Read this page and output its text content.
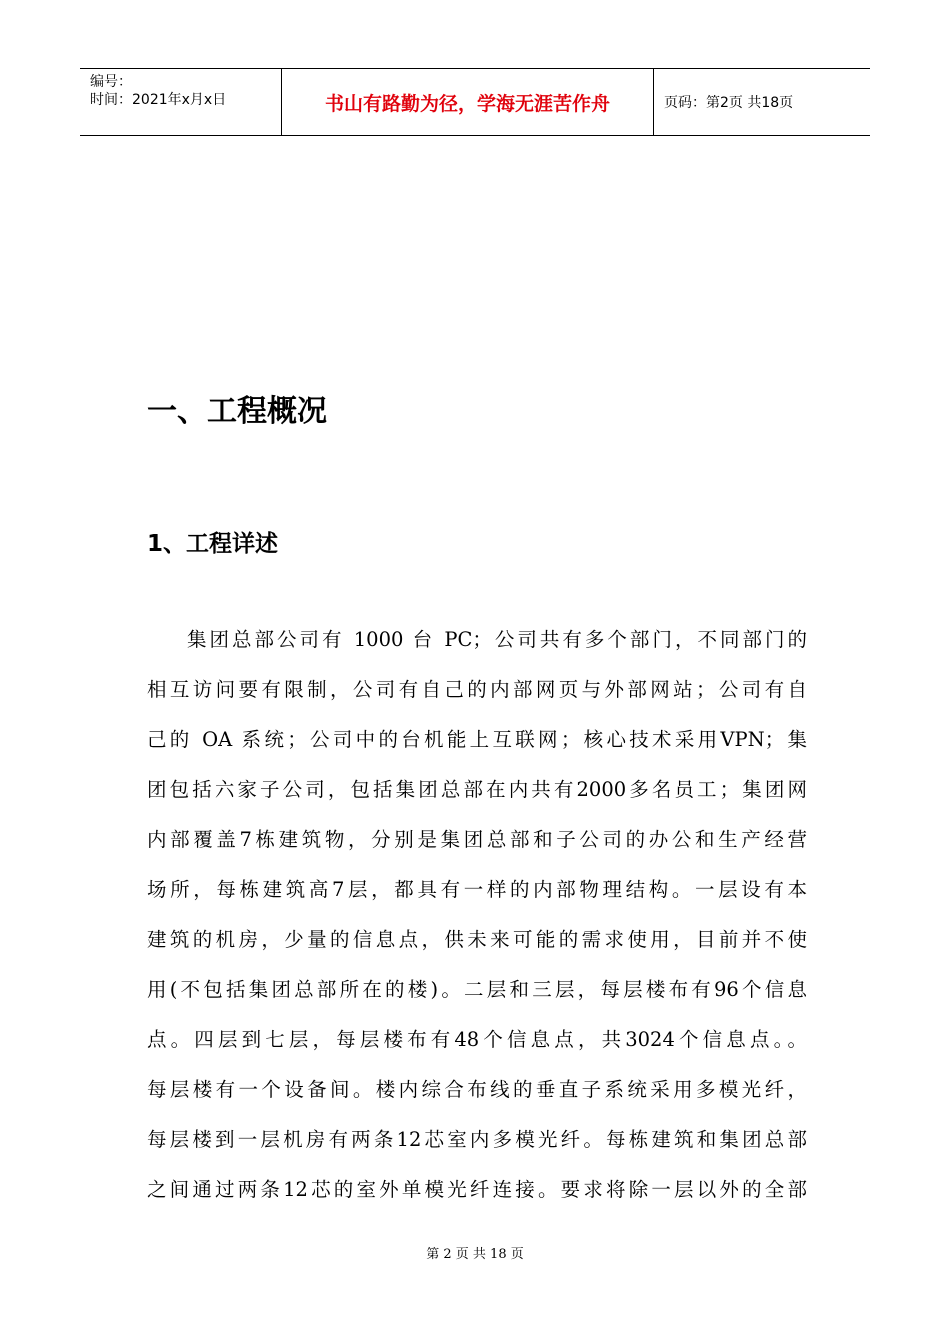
编号：
时间：2021年x月x日	书山有路勤为径，学海无涯苦作舟	页码：第2页 共18页
一、工程概况
1、工程详述
集团总部公司有 1000 台 PC；公司共有多个部门，不同部门的
相互访问要有限制，公司有自己的内部网页与外部网站；公司有自
己的 OA 系统；公司中的台机能上互联网；核心技术采用VPN；集
团包括六家子公司，包括集团总部在内共有2000多名员工；集团网
内部覆盖7栋建筑物，分别是集团总部和子公司的办公和生产经营
场所，每栋建筑高7层，都具有一样的内部物理结构。一层设有本
建筑的机房，少量的信息点，供未来可能的需求使用，目前并不使
用(不包括集团总部所在的楼)。二层和三层，每层楼布有96个信息
点。四层到七层，每层楼布有48个信息点，共3024个信息点。。
每层楼有一个设备间。楼内综合布线的垂直子系统采用多模光纤，
每层楼到一层机房有两条12芯室内多模光纤。每栋建筑和集团总部
之间通过两条12芯的室外单模光纤连接。要求将除一层以外的全部
第 2 页 共 18 页
